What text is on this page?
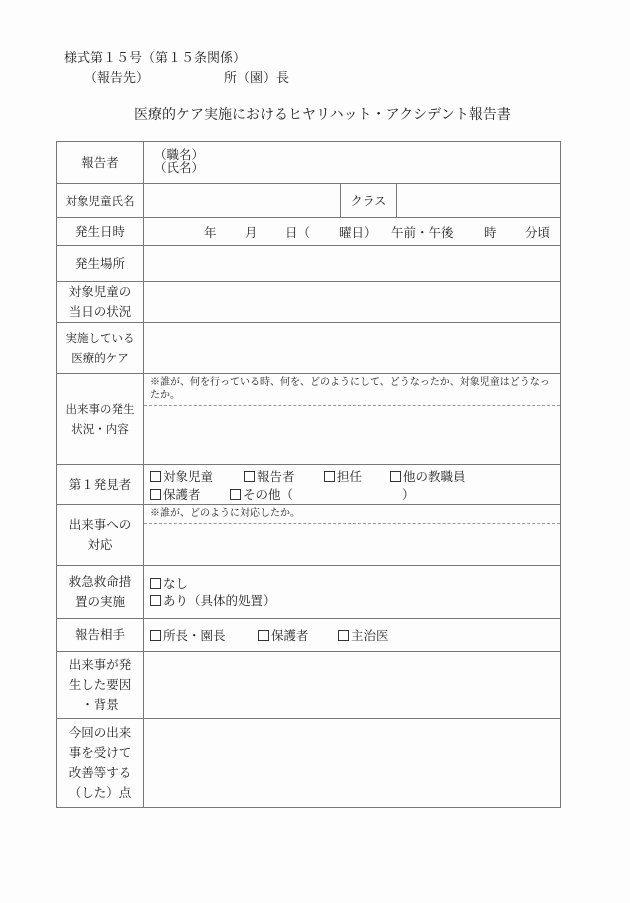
様式第１５号（第１５条関係）
（報告先）	所（園）長
医療的ケア実施におけるヒヤリハット・アクシデント報告書
報告者	（職名）
（氏名）		

対象児童氏名		クラス	
発生日時	年 月 日（ 曜日） 午前・午後 時 分頃

発生場所			

対象児童の
当日の状況			

実施している
医療的ケア			

出来事の発生
状況・内容	※誰が、何を行っている時、何を、どのようにして、どうなったか、対象児童はどうなったか。		

第１発見者	対象児童	報告者	担任	他の教職員
保護者	その他（	）

出来事への
対応	※誰が、どのように対応したか。		

救急救命措
置の実施

なし
あり（具体的処置）

報告相手	所長・園長 保護者 主治医		

出来事が発
生した要因
・背景			

今回の出来
事を受けて
改善等する
（した）点			
